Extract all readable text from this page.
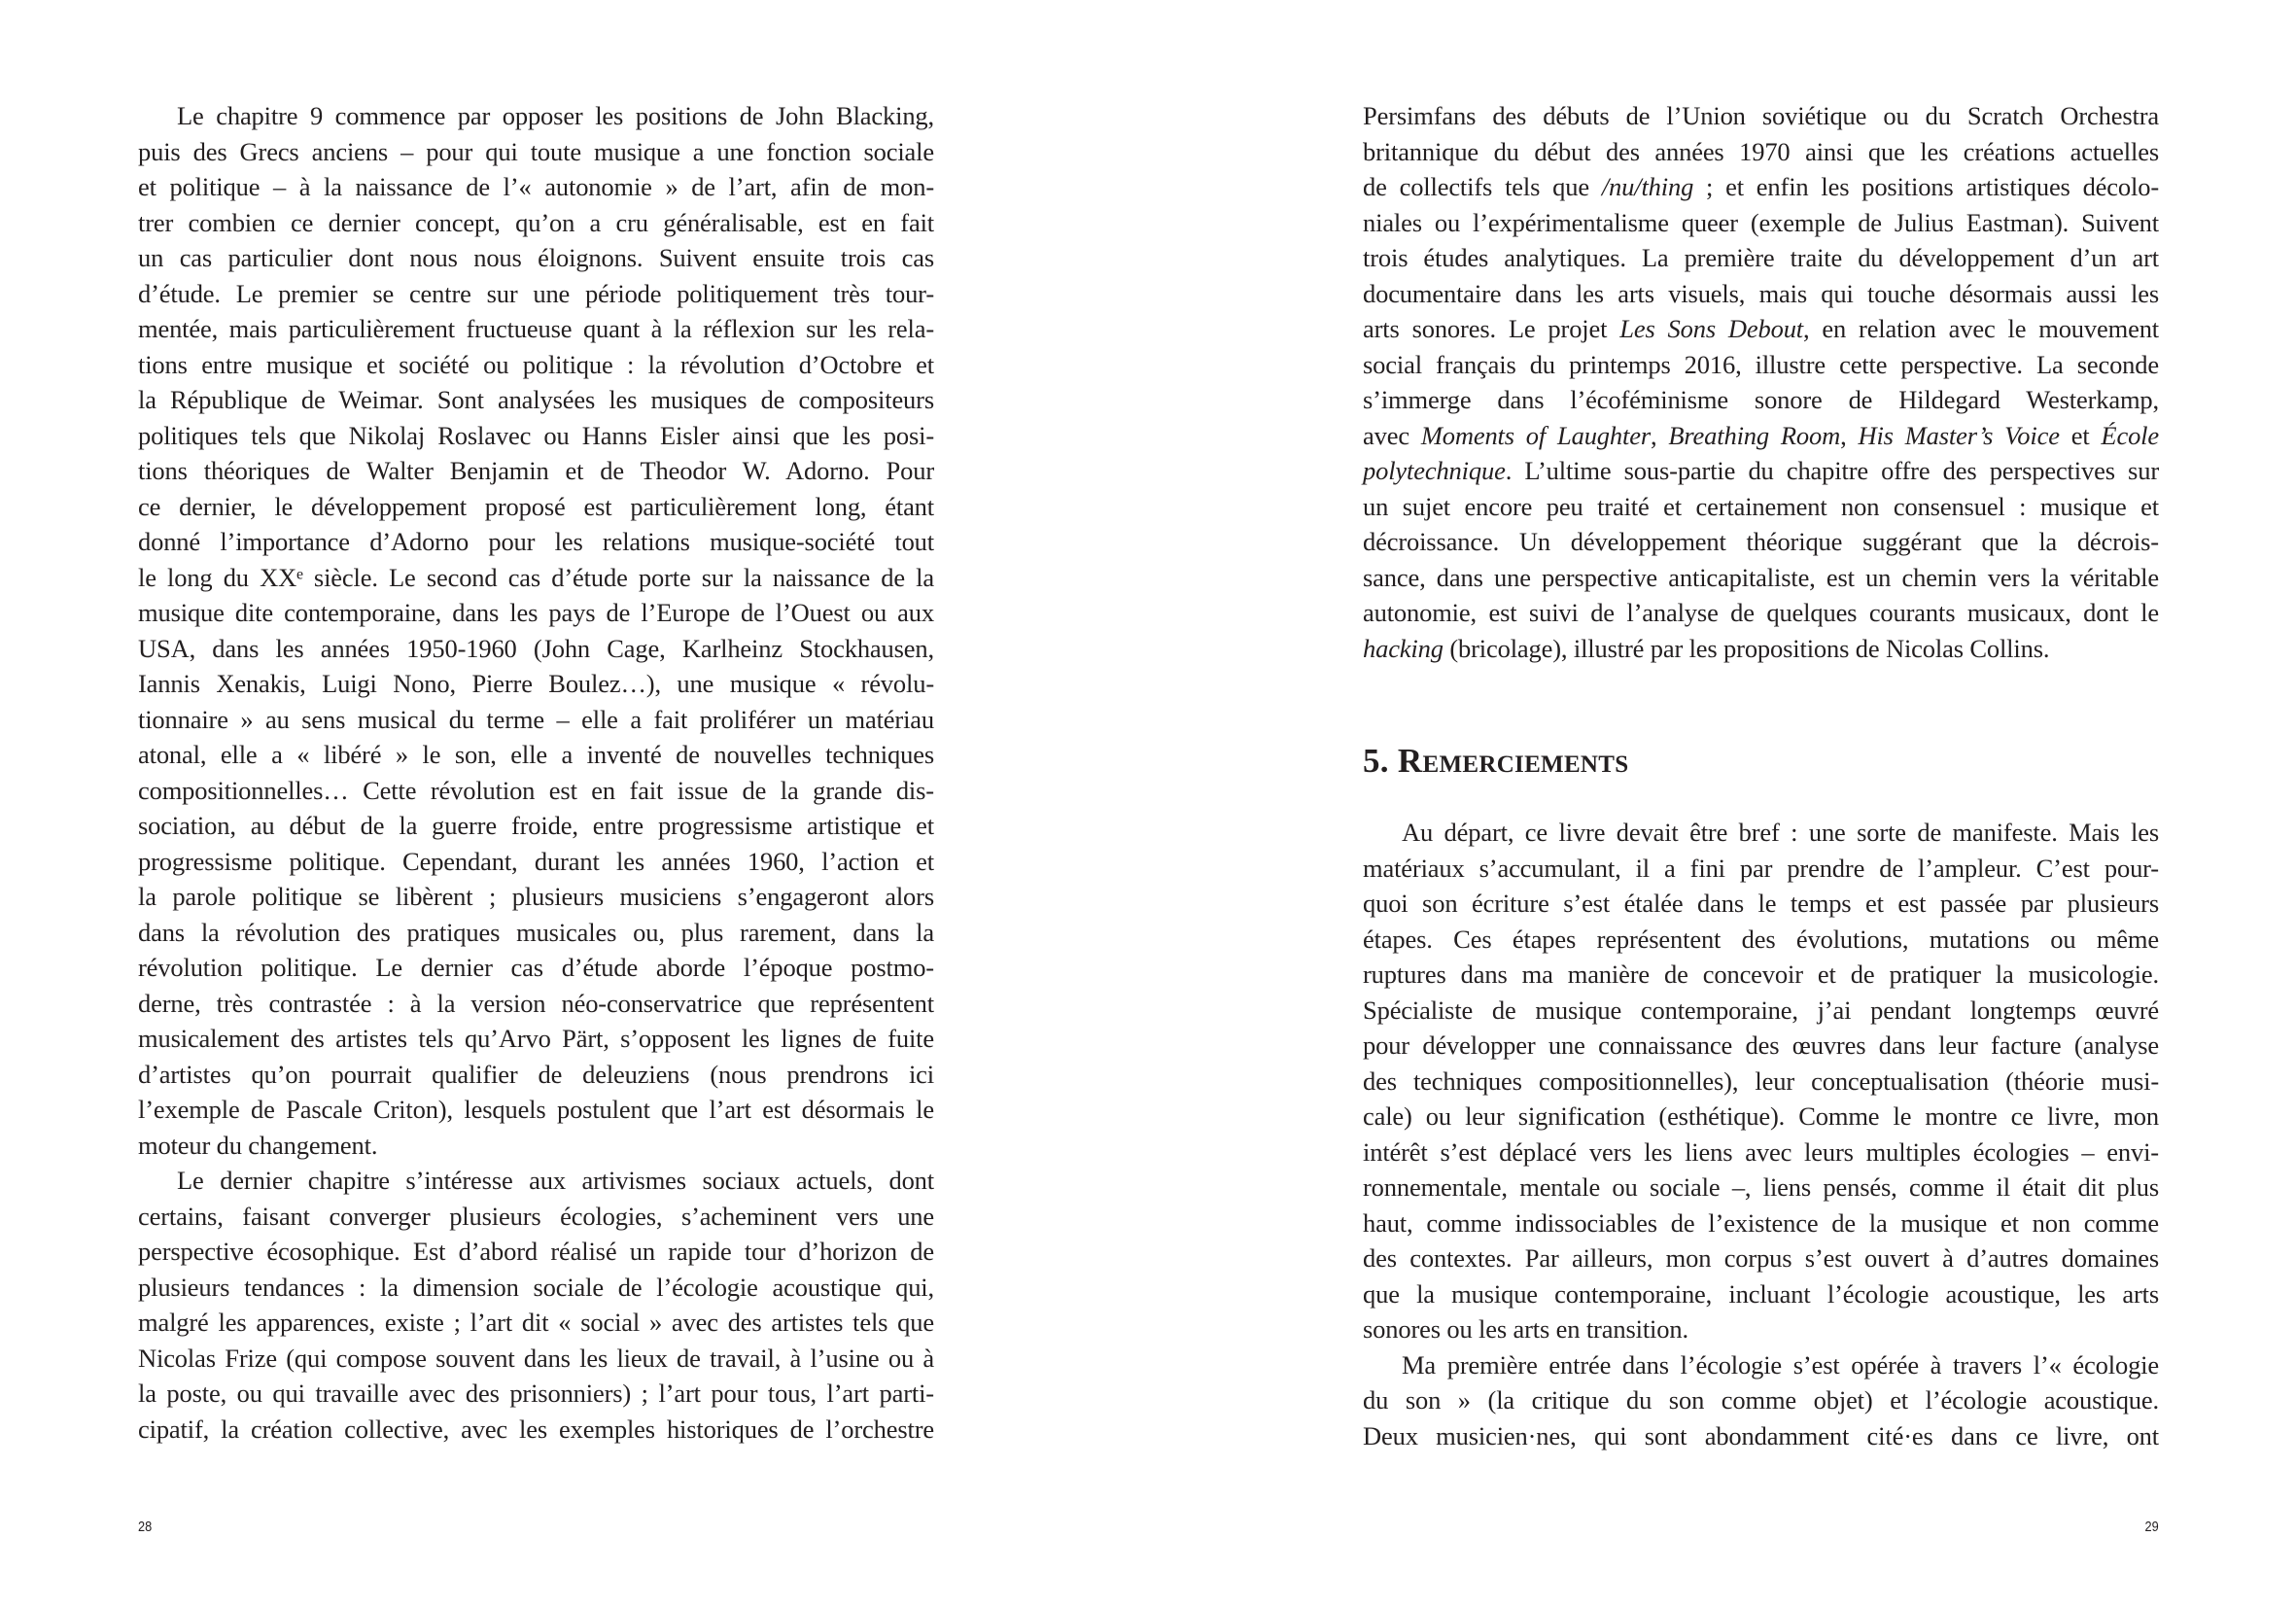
Le chapitre 9 commence par opposer les positions de John Blacking,
puis des Grecs anciens – pour qui toute musique a une fonction sociale
et politique – à la naissance de l’« autonomie » de l’art, afin de mon-
trer combien ce dernier concept, qu’on a cru généralisable, est en fait
un cas particulier dont nous nous éloignons. Suivent ensuite trois cas
d’étude. Le premier se centre sur une période politiquement très tour-
mentée, mais particulièrement fructueuse quant à la réflexion sur les rela-
tions entre musique et société ou politique : la révolution d’Octobre et
la République de Weimar. Sont analysées les musiques de compositeurs
politiques tels que Nikolaj Roslavec ou Hanns Eisler ainsi que les posi-
tions théoriques de Walter Benjamin et de Theodor W. Adorno. Pour
ce dernier, le développement proposé est particulièrement long, étant
donné l’importance d’Adorno pour les relations musique-société tout
le long du XXᵉ siècle. Le second cas d’étude porte sur la naissance de la
musique dite contemporaine, dans les pays de l’Europe de l’Ouest ou aux
USA, dans les années 1950-1960 (John Cage, Karlheinz Stockhausen,
Iannis Xenakis, Luigi Nono, Pierre Boulez…), une musique « révolu-
tionnaire » au sens musical du terme – elle a fait proliférer un matériau
atonal, elle a « libéré » le son, elle a inventé de nouvelles techniques
compositionnelles… Cette révolution est en fait issue de la grande dis-
sociation, au début de la guerre froide, entre progressisme artistique et
progressisme politique. Cependant, durant les années 1960, l’action et
la parole politique se libèrent ; plusieurs musiciens s’engageront alors
dans la révolution des pratiques musicales ou, plus rarement, dans la
révolution politique. Le dernier cas d’étude aborde l’époque postmo-
derne, très contrastée : à la version néo-conservatrice que représentent
musicalement des artistes tels qu’Arvo Pärt, s’opposent les lignes de fuite
d’artistes qu’on pourrait qualifier de deleuziens (nous prendrons ici
l’exemple de Pascale Criton), lesquels postulent que l’art est désormais le
moteur du changement.
Le dernier chapitre s’intéresse aux artivismes sociaux actuels, dont
certains, faisant converger plusieurs écologies, s’acheminent vers une
perspective écosophique. Est d’abord réalisé un rapide tour d’horizon de
plusieurs tendances : la dimension sociale de l’écologie acoustique qui,
malgré les apparences, existe ; l’art dit « social » avec des artistes tels que
Nicolas Frize (qui compose souvent dans les lieux de travail, à l’usine ou à
la poste, ou qui travaille avec des prisonniers) ; l’art pour tous, l’art parti-
cipatif, la création collective, avec les exemples historiques de l’orchestre
28
Persimfans des débuts de l’Union soviétique ou du Scratch Orchestra
britannique du début des années 1970 ainsi que les créations actuelles
de collectifs tels que /nu/thing ; et enfin les positions artistiques décolo-
niales ou l’expérimentalisme queer (exemple de Julius Eastman). Suivent
trois études analytiques. La première traite du développement d’un art
documentaire dans les arts visuels, mais qui touche désormais aussi les
arts sonores. Le projet Les Sons Debout, en relation avec le mouvement
social français du printemps 2016, illustre cette perspective. La seconde
s’immerge dans l’écoféminisme sonore de Hildegard Westerkamp,
avec Moments of Laughter, Breathing Room, His Master’s Voice et École
polytechnique. L’ultime sous-partie du chapitre offre des perspectives sur
un sujet encore peu traité et certainement non consensuel : musique et
décroissance. Un développement théorique suggérant que la décrois-
sance, dans une perspective anticapitaliste, est un chemin vers la véritable
autonomie, est suivi de l’analyse de quelques courants musicaux, dont le
hacking (bricolage), illustré par les propositions de Nicolas Collins.
5. Remerciements
Au départ, ce livre devait être bref : une sorte de manifeste. Mais les
matériaux s’accumulant, il a fini par prendre de l’ampleur. C’est pour-
quoi son écriture s’est étalée dans le temps et est passée par plusieurs
étapes. Ces étapes représentent des évolutions, mutations ou même
ruptures dans ma manière de concevoir et de pratiquer la musicologie.
Spécialiste de musique contemporaine, j’ai pendant longtemps œuvré
pour développer une connaissance des œuvres dans leur facture (analyse
des techniques compositionnelles), leur conceptualisation (théorie musi-
cale) ou leur signification (esthétique). Comme le montre ce livre, mon
intérêt s’est déplacé vers les liens avec leurs multiples écologies – envi-
ronnementale, mentale ou sociale –, liens pensés, comme il était dit plus
haut, comme indissociables de l’existence de la musique et non comme
des contextes. Par ailleurs, mon corpus s’est ouvert à d’autres domaines
que la musique contemporaine, incluant l’écologie acoustique, les arts
sonores ou les arts en transition.
Ma première entrée dans l’écologie s’est opérée à travers l’« écologie
du son » (la critique du son comme objet) et l’écologie acoustique.
Deux musicien·nes, qui sont abondamment cité·es dans ce livre, ont
29
